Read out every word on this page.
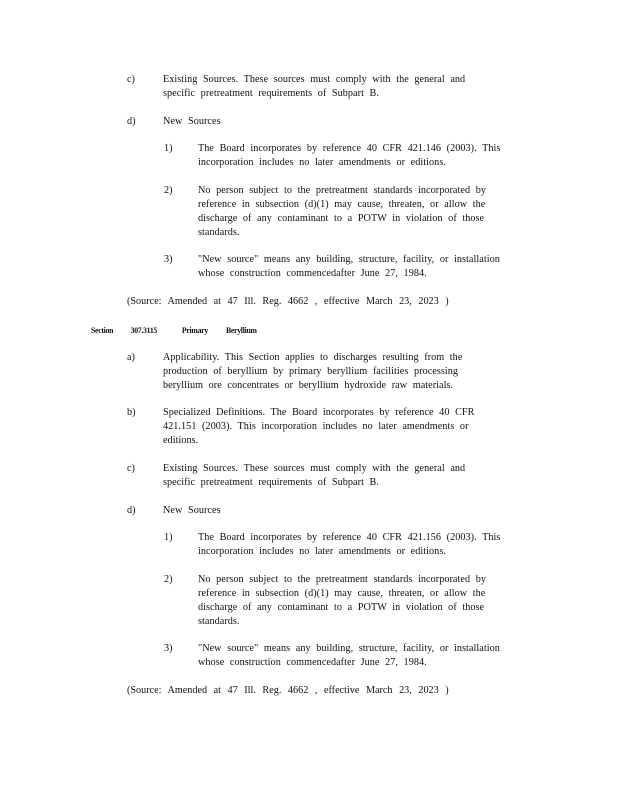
c)	Existing Sources. These sources must comply with the general and specific pretreatment requirements of Subpart B.
d)	New Sources
1)	The Board incorporates by reference 40 CFR 421.146 (2003). This incorporation includes no later amendments or editions.
2)	No person subject to the pretreatment standards incorporated by reference in subsection (d)(1) may cause, threaten, or allow the discharge of any contaminant to a POTW in violation of those standards.
3)	"New source" means any building, structure, facility, or installation whose construction commencedafter June 27, 1984.
(Source: Amended at 47 Ill. Reg. 4662 , effective March 23, 2023 )
Section 307.3115	Primary Beryllium
a)	Applicability. This Section applies to discharges resulting from the production of beryllium by primary beryllium facilities processing beryllium ore concentrates or beryllium hydroxide raw materials.
b)	Specialized Definitions. The Board incorporates by reference 40 CFR 421.151 (2003). This incorporation includes no later amendments or editions.
c)	Existing Sources. These sources must comply with the general and specific pretreatment requirements of Subpart B.
d)	New Sources
1)	The Board incorporates by reference 40 CFR 421.156 (2003). This incorporation includes no later amendments or editions.
2)	No person subject to the pretreatment standards incorporated by reference in subsection (d)(1) may cause, threaten, or allow the discharge of any contaminant to a POTW in violation of those standards.
3)	"New source" means any building, structure, facility, or installation whose construction commencedafter June 27, 1984.
(Source: Amended at 47 Ill. Reg. 4662 , effective March 23, 2023 )
